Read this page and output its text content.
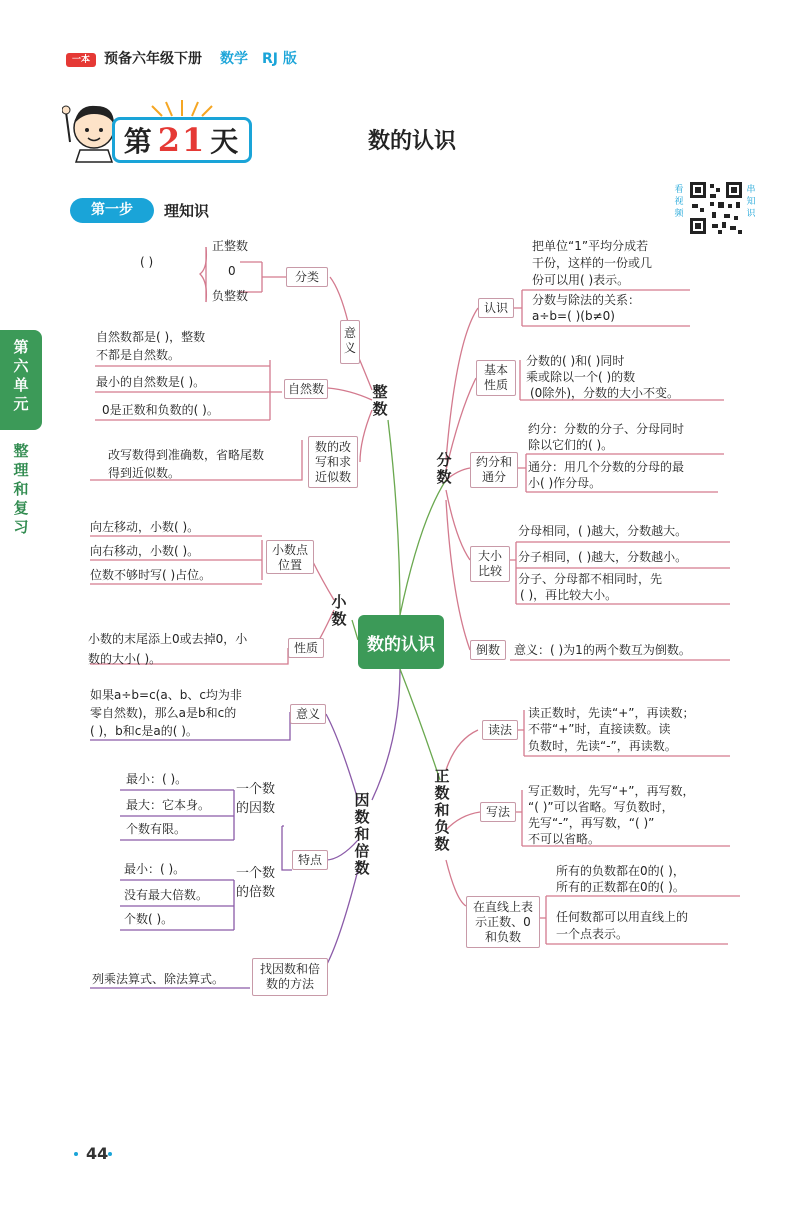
一本	预备六年级下册 数学 RJ 版
第 21 天	数的认识
第一步	理知识
看视频
串知识
第六单元
整理和复习
数的认识
整数
意义
分类
( )
正整数
0
负整数
自然数
自然数都是( )，整数
不都是自然数。
最小的自然数是( )。
0是正数和负数的( )。
数的改写和求近似数
改写数得到准确数，省略尾数
得到近似数。
小数
小数点位置
向左移动，小数( )。
向右移动，小数( )。
位数不够时写( )占位。
性质
小数的末尾添上0或去掉0，小
数的大小( )。
因数和倍数
意义
如果a÷b=c(a、b、c均为非
零自然数)，那么a是b和c的
( )，b和c是a的( )。
特点
一个数的因数
最小：( )。
最大：它本身。
个数有限。
一个数的倍数
最小：( )。
没有最大倍数。
个数( )。
找因数和倍数的方法
列乘法算式、除法算式。
分数
认识
把单位“1”平均分成若
干份，这样的一份或几
份可以用( )表示。
分数与除法的关系：
a÷b=( )(b≠0)
基本性质
分数的( )和( )同时
乘或除以一个( )的数
(0除外)，分数的大小不变。
约分和通分
约分：分数的分子、分母同时
除以它们的( )。
通分：用几个分数的分母的最
小( )作分母。
大小比较
分母相同，( )越大，分数越大。
分子相同，( )越大，分数越小。
分子、分母都不相同时，先
( )，再比较大小。
倒数	意义：( )为1的两个数互为倒数。
正数和负数
读法
读正数时，先读“+”，再读数；
不带“+”时，直接读数。读
负数时，先读“-”，再读数。
写法
写正数时，先写“+”，再写数，
“( )”可以省略。写负数时，
先写“-”，再写数，“( )”
不可以省略。
在直线上表示正数、0和负数
所有的负数都在0的( )，
所有的正数都在0的( )。
任何数都可以用直线上的
一个点表示。
44
